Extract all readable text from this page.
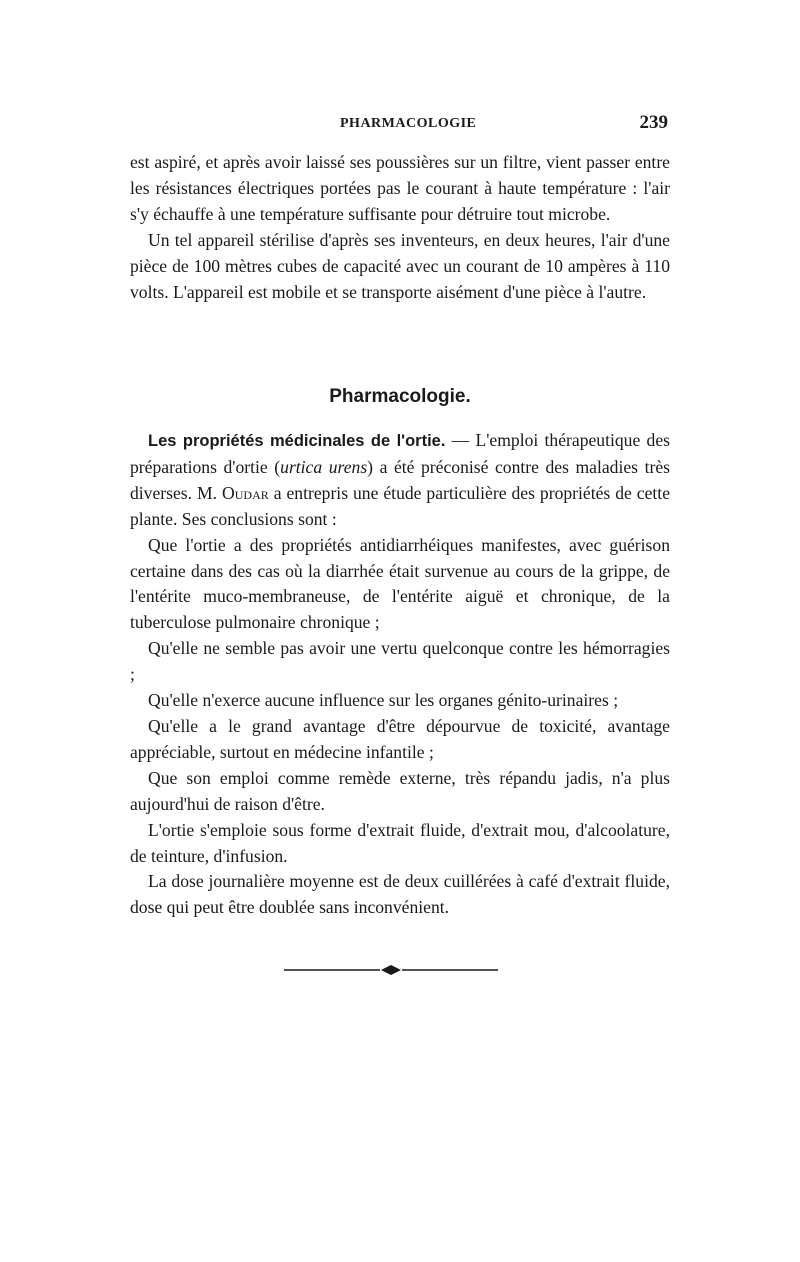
PHARMACOLOGIE	239

est aspiré, et après avoir laissé ses poussières sur un filtre, vient passer entre les résistances électriques portées pas le courant à haute température : l'air s'y échauffe à une température suffisante pour détruire tout microbe.

Un tel appareil stérilise d'après ses inventeurs, en deux heures, l'air d'une pièce de 100 mètres cubes de capacité avec un courant de 10 ampères à 110 volts. L'appareil est mobile et se transporte aisément d'une pièce à l'autre.

Pharmacologie.

Les propriétés médicinales de l'ortie. — L'emploi thérapeutique des préparations d'ortie (urtica urens) a été préconisé contre des maladies très diverses. M. Oudar a entrepris une étude particulière des propriétés de cette plante. Ses conclusions sont :

Que l'ortie a des propriétés antidiarrhéiques manifestes, avec guérison certaine dans des cas où la diarrhée était survenue au cours de la grippe, de l'entérite muco-membraneuse, de l'entérite aiguë et chronique, de la tuberculose pulmonaire chronique ;

Qu'elle ne semble pas avoir une vertu quelconque contre les hémorragies ;

Qu'elle n'exerce aucune influence sur les organes génito-urinaires ;

Qu'elle a le grand avantage d'être dépourvue de toxicité, avantage appréciable, surtout en médecine infantile ;

Que son emploi comme remède externe, très répandu jadis, n'a plus aujourd'hui de raison d'être.

L'ortie s'emploie sous forme d'extrait fluide, d'extrait mou, d'alcoolature, de teinture, d'infusion.

La dose journalière moyenne est de deux cuillérées à café d'extrait fluide, dose qui peut être doublée sans inconvénient.
